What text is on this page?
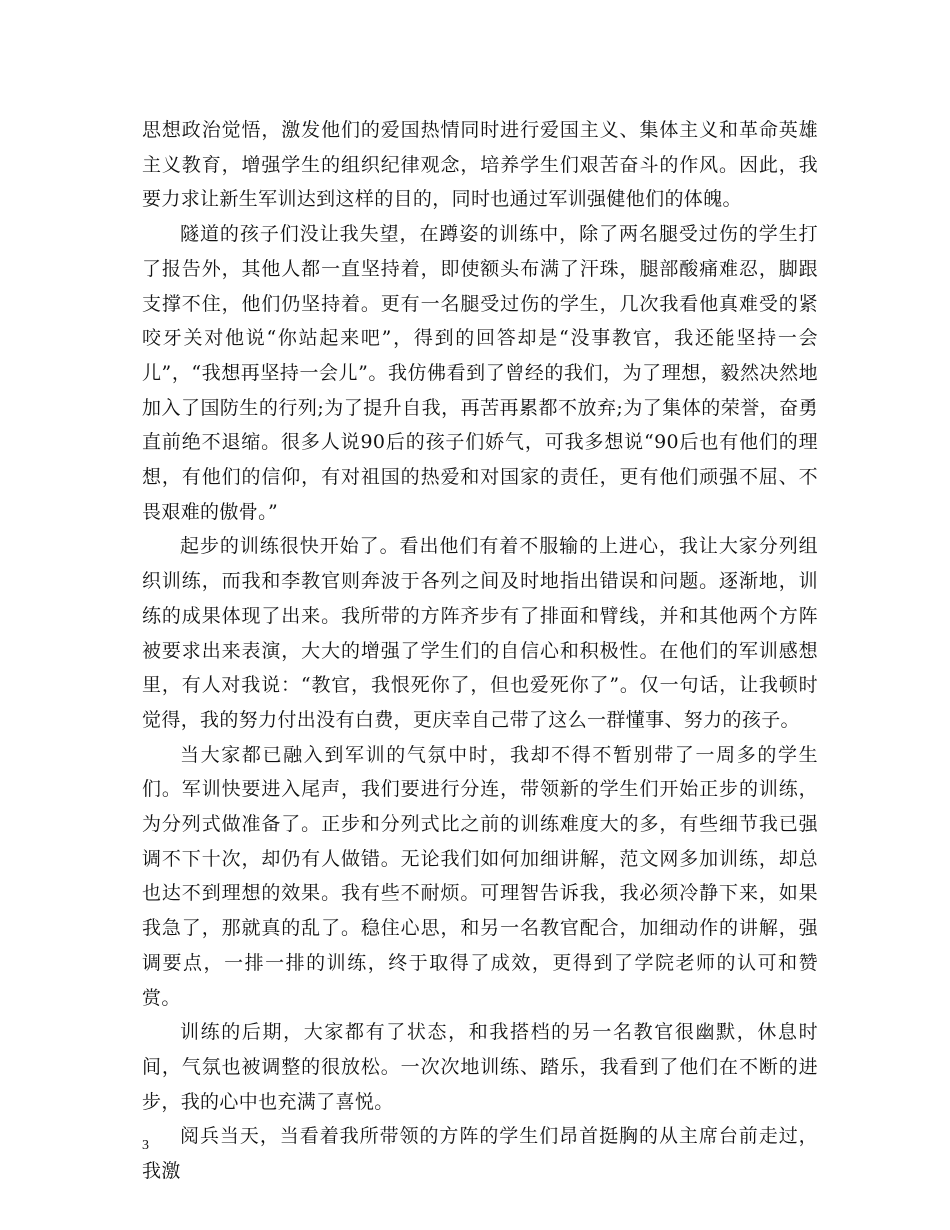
思想政治觉悟，激发他们的爱国热情同时进行爱国主义、集体主义和革命英雄主义教育，增强学生的组织纪律观念，培养学生们艰苦奋斗的作风。因此，我要力求让新生军训达到这样的目的，同时也通过军训强健他们的体魄。

隧道的孩子们没让我失望，在蹲姿的训练中，除了两名腿受过伤的学生打了报告外，其他人都一直坚持着，即使额头布满了汗珠，腿部酸痛难忍，脚跟支撑不住，他们仍坚持着。更有一名腿受过伤的学生，几次我看他真难受的紧咬牙关对他说“你站起来吧”，得到的回答却是“没事教官，我还能坚持一会儿”，“我想再坚持一会儿”。我仿佛看到了曾经的我们，为了理想，毅然决然地加入了国防生的行列;为了提升自我，再苦再累都不放弃;为了集体的荣誉，奋勇直前绝不退缩。很多人说90后的孩子们娇气，可我多想说“90后也有他们的理想，有他们的信仰，有对祖国的热爱和对国家的责任，更有他们顽强不屈、不畏艰难的傲骨。”

起步的训练很快开始了。看出他们有着不服输的上进心，我让大家分列组织训练，而我和李教官则奔波于各列之间及时地指出错误和问题。逐渐地，训练的成果体现了出来。我所带的方阵齐步有了排面和臂线，并和其他两个方阵被要求出来表演，大大的增强了学生们的自信心和积极性。在他们的军训感想里，有人对我说：“教官，我恨死你了，但也爱死你了”。仅一句话，让我顿时觉得，我的努力付出没有白费，更庆幸自己带了这么一群懂事、努力的孩子。

当大家都已融入到军训的气氛中时，我却不得不暂别带了一周多的学生们。军训快要进入尾声，我们要进行分连，带领新的学生们开始正步的训练，为分列式做准备了。正步和分列式比之前的训练难度大的多，有些细节我已强调不下十次，却仍有人做错。无论我们如何加细讲解，范文网多加训练，却总也达不到理想的效果。我有些不耐烦。可理智告诉我，我必须冷静下来，如果我急了，那就真的乱了。稳住心思，和另一名教官配合，加细动作的讲解，强调要点，一排一排的训练，终于取得了成效，更得到了学院老师的认可和赞赏。

训练的后期，大家都有了状态，和我搭档的另一名教官很幽默，休息时间，气氛也被调整的很放松。一次次地训练、踏乐，我看到了他们在不断的进步，我的心中也充满了喜悦。

阅兵当天，当看着我所带领的方阵的学生们昂首挺胸的从主席台前走过，我激

3
